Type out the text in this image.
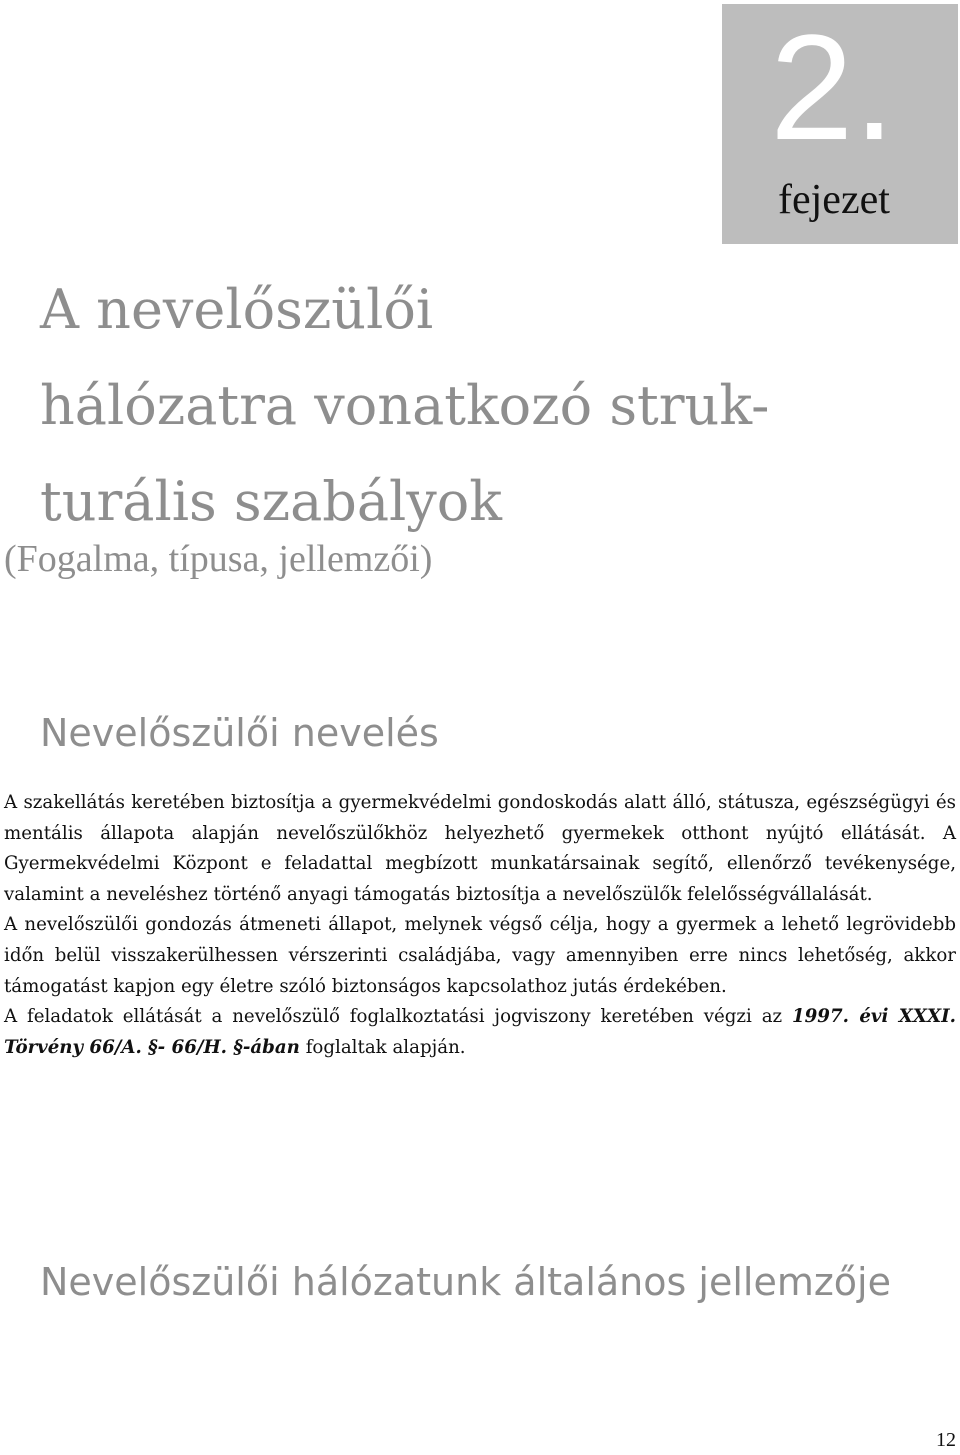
2.
fejezet
A nevelőszülői
hálózatra vonatkozó struk-
turális szabályok
(Fogalma, típusa, jellemzői)
Nevelőszülői nevelés

A szakellátás keretében biztosítja a gyermekvédelmi gondoskodás alatt álló, státusza, egészségügyi és mentális állapota alapján nevelőszülőkhöz helyezhető gyermekek otthont nyújtó ellátását. A Gyermekvédelmi Központ e feladattal megbízott munkatársainak segítő, ellenőrző tevékenysége, valamint a neveléshez történő anyagi támogatás biztosítja a nevelőszülők felelősségvállalását.

A nevelőszülői gondozás átmeneti állapot, melynek végső célja, hogy a gyermek a lehető legrövidebb időn belül visszakerülhessen vérszerinti családjába, vagy amennyiben erre nincs lehetőség, akkor támogatást kapjon egy életre szóló biztonságos kapcsolathoz jutás érdekében.

A feladatok ellátását a nevelőszülő foglalkoztatási jogviszony keretében végzi az 1997. évi XXXI. Törvény 66/A. §- 66/H. §-ában foglaltak alapján.

Nevelőszülői hálózatunk általános jellemzője
12
